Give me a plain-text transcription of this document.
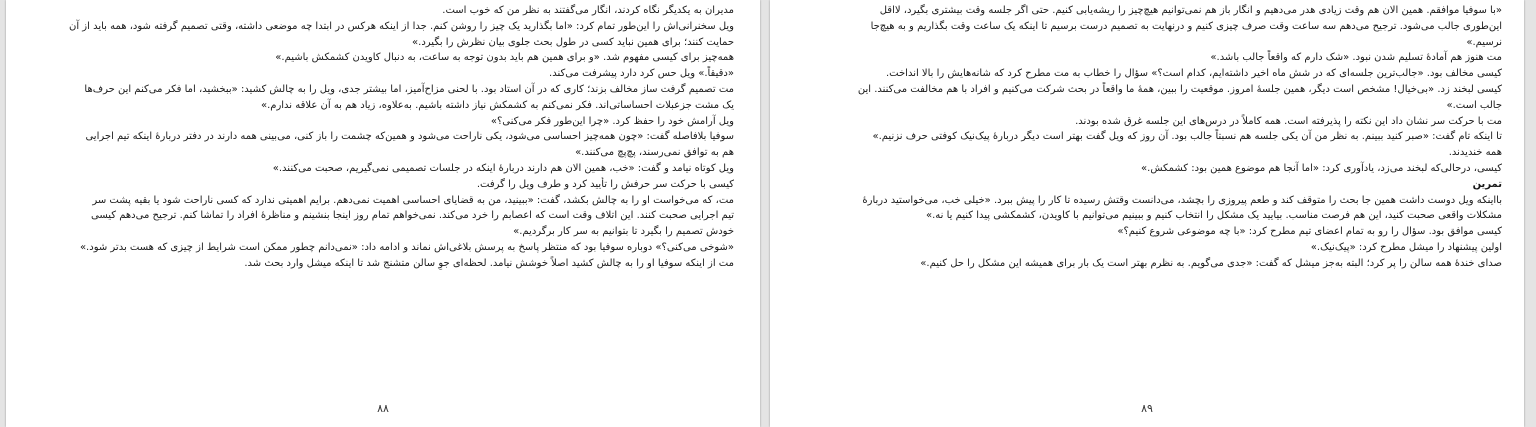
مدیران به یکدیگر نگاه کردند، انگار می‌گفتند به نظر من که خوب است.

ویل سخنرانی‌اش را این‌طور تمام کرد: «اما بگذارید یک چیز را روشن کنم. جدا از اینکه هرکس در ابتدا چه موضعی داشته، وقتی تصمیم گرفته شود، همه باید از آن

حمایت کنند؛ برای همین نباید کسی در طول بحث جلوی بیان نظرش را بگیرد.»

همه‌چیز برای کیسی مفهوم شد. «و برای همین هم باید بدون توجه به ساعت، به دنبال کاویدن کشمکش باشیم.»

«دقیقاً.» ویل حس کرد دارد پیشرفت می‌کند.

مت تصمیم گرفت ساز مخالف بزند؛ کاری که در آن استاد بود. با لحنی مزاح‌آمیز، اما بیشتر جدی، ویل را به چالش کشید: «ببخشید، اما فکر می‌کنم این حرف‌ها

یک مشت جزعبلات احساساتی‌اند. فکر نمی‌کنم به کشمکش نیاز داشته باشیم. به‌علاوه، زیاد هم به آن علاقه ندارم.»

ویل آرامش خود را حفظ کرد. «چرا این‌طور فکر می‌کنی؟»

سوفیا بلافاصله گفت: «چون همه‌چیز احساسی می‌شود، یکی ناراحت می‌شود و همین‌که چشمت را باز کنی، می‌بینی همه دارند در دفتر دربارهٔ اینکه تیم اجرایی

هم به توافق نمی‌رسند، پچ‌پچ می‌کنند.»

ویل کوتاه نیامد و گفت: «خب، همین الان هم دارند دربارهٔ اینکه در جلسات تصمیمی نمی‌گیریم، صحبت می‌کنند.»

کیسی با حرکت سر حرفش را تأیید کرد و طرف ویل را گرفت.

مت، که می‌خواست او را به چالش بکشد، گفت: «ببینید، من به قضایای احساسی اهمیت نمی‌دهم. برایم اهمیتی ندارد که کسی ناراحت شود یا بقیه پشت سر

تیم اجرایی صحبت کنند. این اتلاف وقت است که اعصابم را خرد می‌کند. نمی‌خواهم تمام روز اینجا بنشینم و مناظرهٔ افراد را تماشا کنم. ترجیح می‌دهم کیسی

خودش تصمیم را بگیرد تا بتوانیم به سر کار برگردیم.»

«شوخی می‌کنی؟» دوباره سوفیا بود که منتظر پاسخ به پرسش بلاغی‌اش نماند و ادامه داد: «نمی‌دانم چطور ممکن است شرایط از چیزی که هست بدتر شود.»

مت از اینکه سوفیا او را به چالش کشید اصلاً خوشش نیامد. لحظه‌ای جوِ سالن متشنج شد تا اینکه میشل وارد بحث شد.

۸۸

«با سوفیا موافقم. همین الان هم وقت زیادی هدر می‌دهیم و انگار باز هم نمی‌توانیم هیچ‌چیز را ریشه‌یابی کنیم. حتی اگر جلسه وقت بیشتری بگیرد، لااقل

این‌طوری جالب می‌شود. ترجیح می‌دهم سه ساعت وقت صرف چیزی کنیم و درنهایت به تصمیم درست برسیم تا اینکه یک ساعت وقت بگذاریم و به هیچ‌جا

نرسیم.»

مت هنوز هم آمادهٔ تسلیم شدن نبود. «شک دارم که واقعاً جالب باشد.»

کیسی مخالف بود. «جالب‌ترین جلسه‌ای که در شش ماه اخیر داشته‌ایم، کدام است؟» سؤال را خطاب به مت مطرح کرد که شانه‌هایش را بالا انداخت.

کیسی لبخند زد. «بی‌خیال! مشخص است دیگر، همین جلسهٔ امروز. موقعیت را ببین، همهٔ ما واقعاً در بحث شرکت می‌کنیم و افراد با هم مخالفت می‌کنند. این

جالب است.»

مت با حرکت سر نشان داد این نکته را پذیرفته است. همه کاملاً در درس‌های این جلسه غرق شده بودند.

تا اینکه تام گفت: «صبر کنید ببینم. به نظر من آن یکی جلسه هم نسبتاً جالب بود. آن روز که ویل گفت بهتر است دیگر دربارهٔ پیک‌نیک کوفتی حرف نزنیم.»

همه خندیدند.

کیسی، درحالی‌که لبخند می‌زد، یادآوری کرد: «اما آنجا هم موضوع همین بود: کشمکش.»

تمرین

بااینکه ویل دوست داشت همین جا بحث را متوقف کند و طعم پیروزی را بچشد، می‌دانست وقتش رسیده تا کار را پیش ببرد. «خیلی خب، می‌خواستید دربارهٔ

مشکلات واقعی صحبت کنید، این هم فرصت مناسب. بیایید یک مشکل را انتخاب کنیم و ببینیم می‌توانیم با کاویدن، کشمکشی پیدا کنیم یا نه.»

کیسی موافق بود. سؤال را رو به تمام اعضای تیم مطرح کرد: «با چه موضوعی شروع کنیم؟»

اولین پیشنهاد را میشل مطرح کرد: «پیک‌نیک.»

صدای خندهٔ همه سالن را پر کرد؛ البته به‌جز میشل که گفت: «جدی می‌گویم. به نظرم بهتر است یک بار برای همیشه این مشکل را حل کنیم.»

۸۹
